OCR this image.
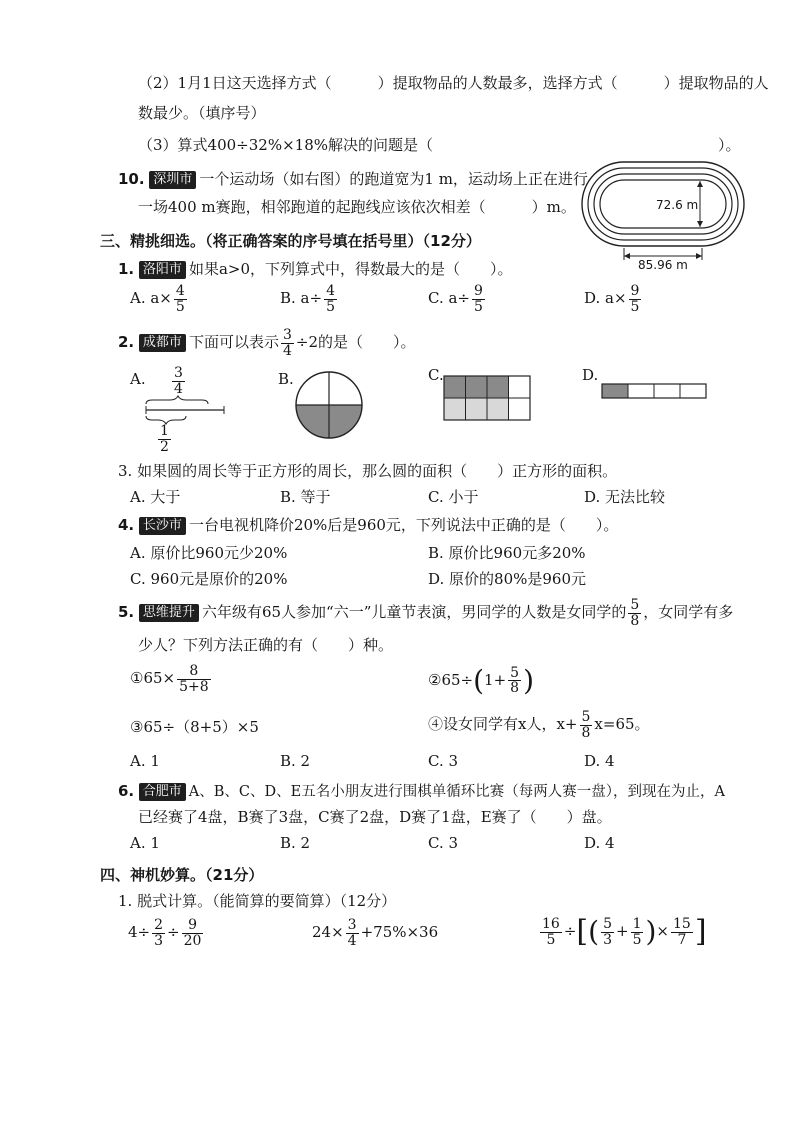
（2）1月1日这天选择方式（	）提取物品的人数最多，选择方式（	）提取物品的人
数最少。（填序号）
（3）算式400÷32%×18%解决的问题是（	）。
10. 深圳市 一个运动场（如右图）的跑道宽为1 m，运动场上正在进行
一场400 m赛跑，相邻跑道的起跑线应该依次相差（	）m。	72.6 m
85.96 m
三、精挑细选。（将正确答案的序号填在括号里）（12分）
1. 洛阳市 如果a>0，下列算式中，得数最大的是（ ）。
A. $a\times \frac{4}{5}$	B. $a\div \frac{4}{5}$	C. $a\div \frac{9}{5}$	D. $a\times \frac{9}{5}$
2. 成都市 下面可以表示 $\frac{3}{4} \div 2$的是（ ）。
A. $\frac{3}{4}$
$\frac{1}{2}$
B.	C.	D.
3. 如果圆的周长等于正方形的周长，那么圆的面积（ ）正方形的面积。
A. 大于	B. 等于	C. 小于	D. 无法比较
4. 长沙市 一台电视机降价20%后是960元，下列说法中正确的是（ ）。
A. 原价比960元少20%	B. 原价比960元多20%
C. 960元是原价的20%	D. 原价的80%是960元
5. 思维提升 六年级有65人参加“六一”儿童节表演，男同学的人数是女同学的 $\frac{5}{8}$ ，女同学有多
少人？下列方法正确的有（ ）种。
①65× $\frac{8}{5+8}$	②65÷(1+ $\frac{5}{8}$ )
③65÷（8+5）×5	④设女同学有x人，$x+ \frac{5}{8} x=65$。
A. 1	B. 2	C. 3	D. 4
6. 合肥市 A、B、C、D、E五名小朋友进行围棋单循环比赛（每两人赛一盘），到现在为止，A
已经赛了4盘，B赛了3盘，C赛了2盘，D赛了1盘，E赛了（ ）盘。
A. 1	B. 2	C. 3	D. 4
四、神机妙算。（21分）
1. 脱式计算。（能简算的要简算）（12分）
$4\div \frac{2}{3} \div \frac{9}{20}$	$24\times \frac{3}{4} +75\%\times 36$	$\frac{16}{5}$ ÷[( $\frac{5}{3} + \frac{1}{5}$ )× $\frac{15}{7}$ ]
